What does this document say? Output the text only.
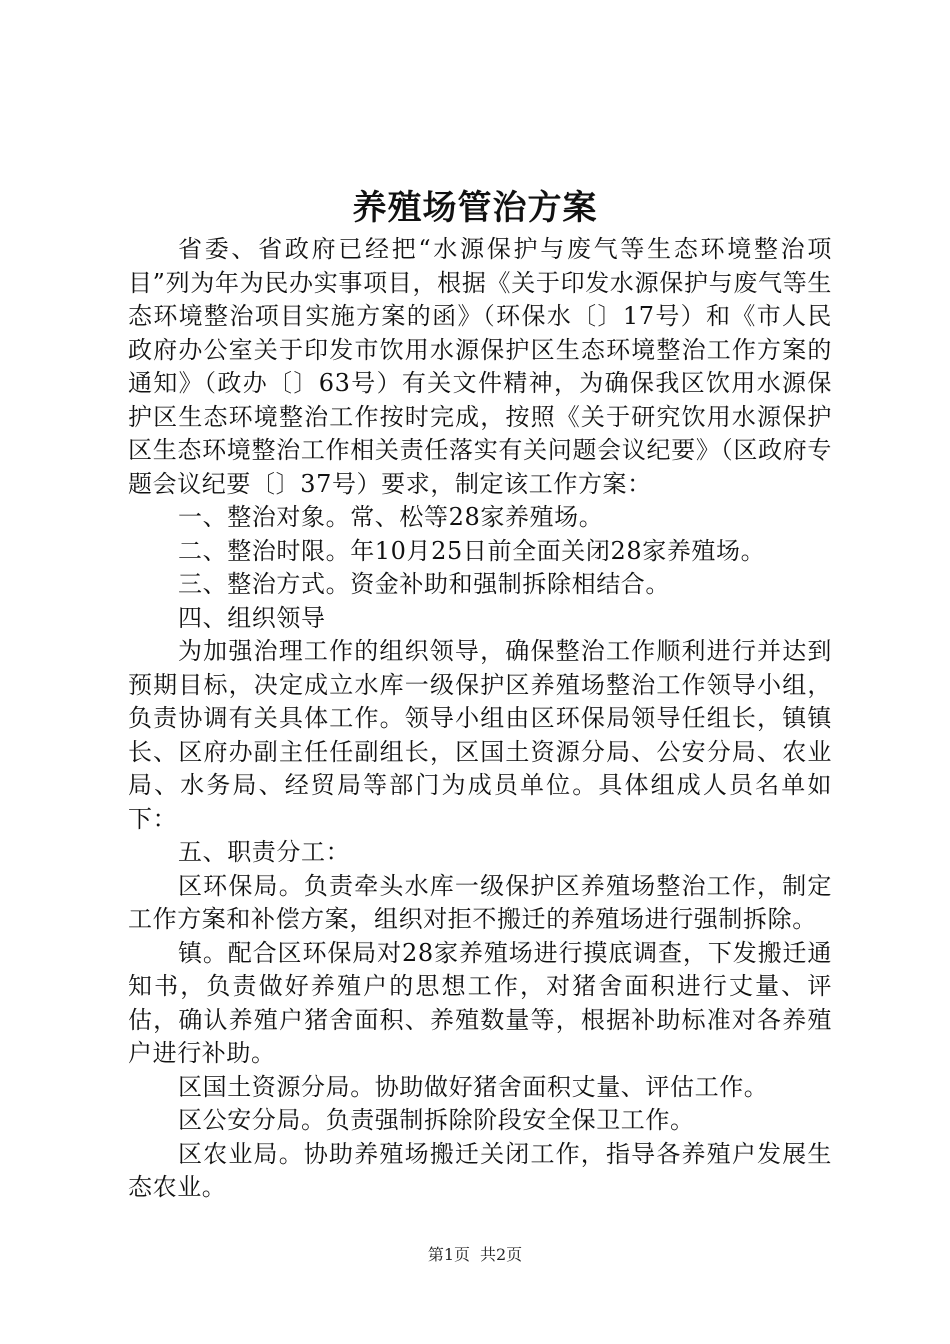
养殖场管治方案

省委、省政府已经把“水源保护与废气等生态环境整治项目”列为年为民办实事项目，根据《关于印发水源保护与废气等生态环境整治项目实施方案的函》（环保水〔〕17号）和《市人民政府办公室关于印发市饮用水源保护区生态环境整治工作方案的通知》（政办〔〕63号）有关文件精神，为确保我区饮用水源保护区生态环境整治工作按时完成，按照《关于研究饮用水源保护区生态环境整治工作相关责任落实有关问题会议纪要》（区政府专题会议纪要〔〕37号）要求，制定该工作方案：

一、整治对象。常、松等28家养殖场。

二、整治时限。年10月25日前全面关闭28家养殖场。

三、整治方式。资金补助和强制拆除相结合。

四、组织领导

为加强治理工作的组织领导，确保整治工作顺利进行并达到预期目标，决定成立水库一级保护区养殖场整治工作领导小组，负责协调有关具体工作。领导小组由区环保局领导任组长，镇镇长、区府办副主任任副组长，区国土资源分局、公安分局、农业局、水务局、经贸局等部门为成员单位。具体组成人员名单如下：

五、职责分工：

区环保局。负责牵头水库一级保护区养殖场整治工作，制定工作方案和补偿方案，组织对拒不搬迁的养殖场进行强制拆除。

镇。配合区环保局对28家养殖场进行摸底调查，下发搬迁通知书，负责做好养殖户的思想工作，对猪舍面积进行丈量、评估，确认养殖户猪舍面积、养殖数量等，根据补助标准对各养殖户进行补助。

区国土资源分局。协助做好猪舍面积丈量、评估工作。

区公安分局。负责强制拆除阶段安全保卫工作。

区农业局。协助养殖场搬迁关闭工作，指导各养殖户发展生态农业。

第1页 共2页
